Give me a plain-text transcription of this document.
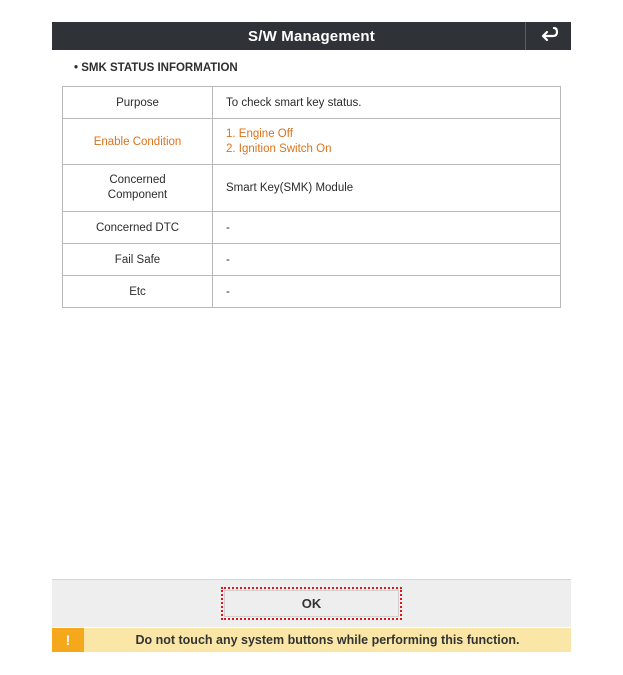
S/W Management
• SMK STATUS INFORMATION
Purpose	To check smart key status.
Enable Condition	1. Engine Off
2. Ignition Switch On

Concerned
Component	Smart Key(SMK) Module
Concerned DTC	-
Fail Safe	-
Etc	-
OK
!	Do not touch any system buttons while performing this function.
